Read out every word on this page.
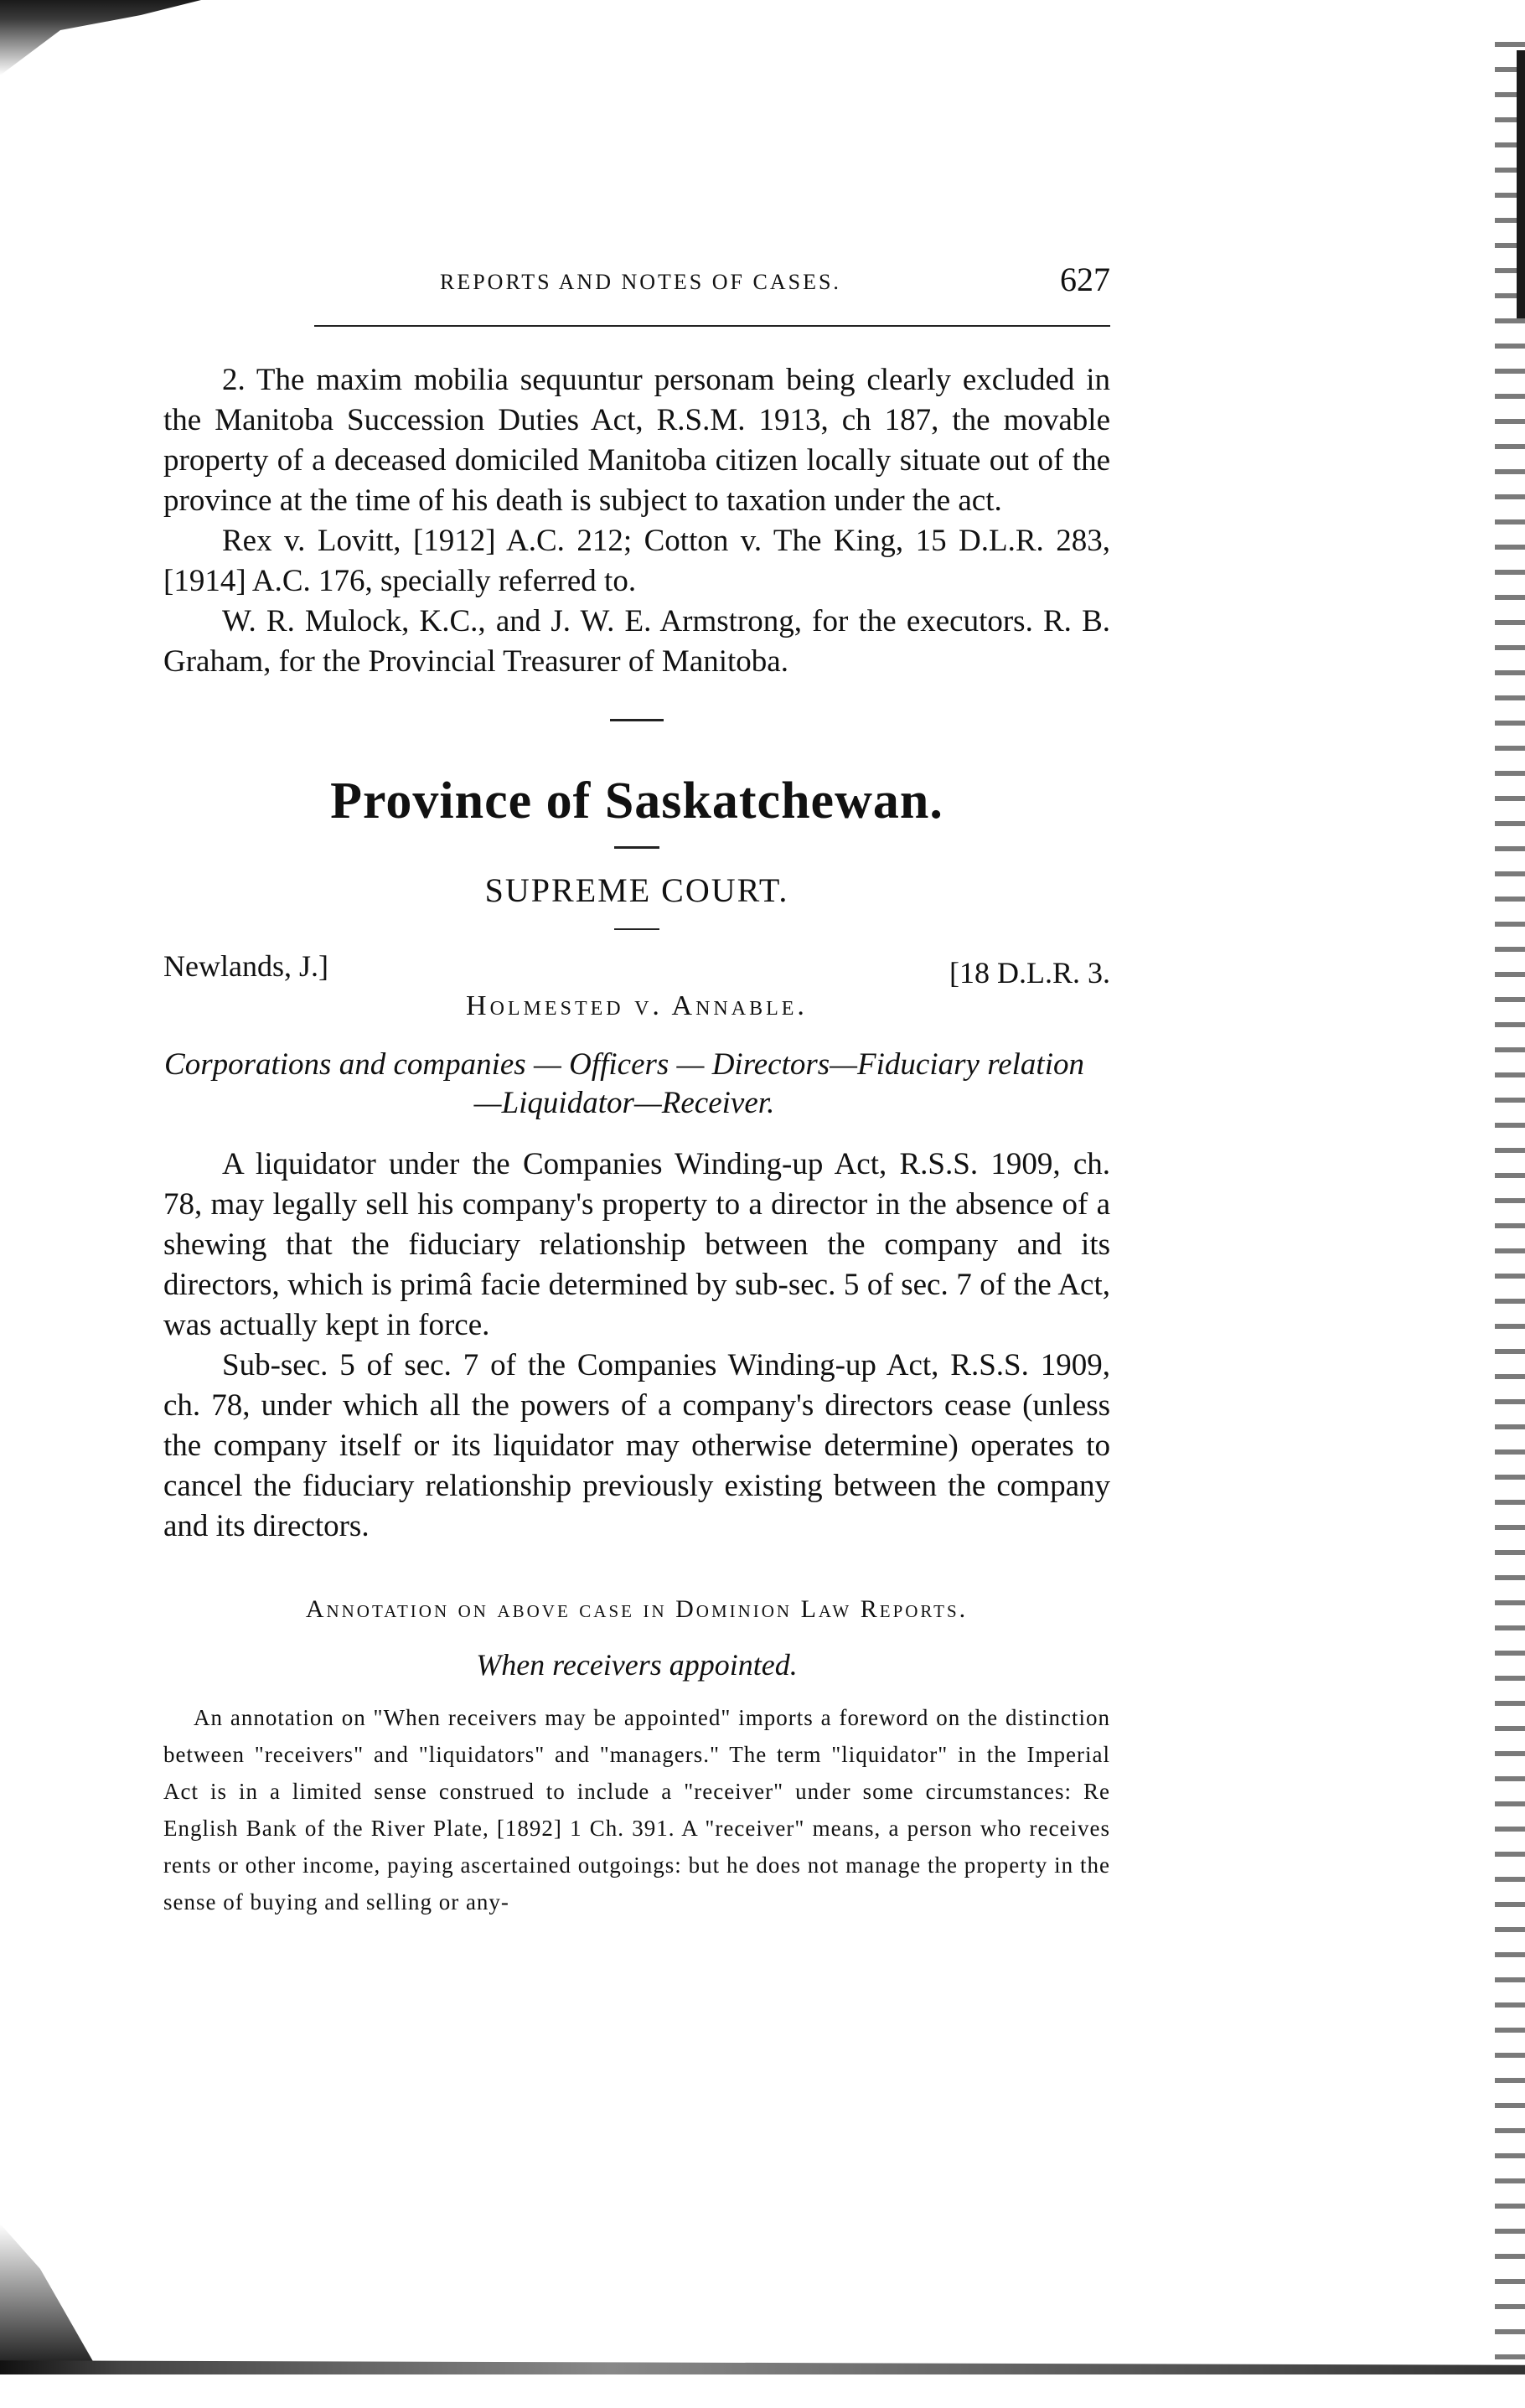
REPORTS AND NOTES OF CASES.	627

2. The maxim mobilia sequuntur personam being clearly excluded in the Manitoba Succession Duties Act, R.S.M. 1913, ch 187, the movable property of a deceased domiciled Manitoba citizen locally situate out of the province at the time of his death is subject to taxation under the act.

Rex v. Lovitt, [1912] A.C. 212; Cotton v. The King, 15 D.L.R. 283, [1914] A.C. 176, specially referred to.

W. R. Mulock, K.C., and J. W. E. Armstrong, for the executors. R. B. Graham, for the Provincial Treasurer of Manitoba.

Province of Saskatchewan.
SUPREME COURT.
Newlands, J.]	[18 D.L.R. 3.
Holmested v. Annable.
Corporations and companies — Officers — Directors—Fiduciary relation—Liquidator—Receiver.

A liquidator under the Companies Winding-up Act, R.S.S. 1909, ch. 78, may legally sell his company's property to a director in the absence of a shewing that the fiduciary relationship between the company and its directors, which is primâ facie determined by sub-sec. 5 of sec. 7 of the Act, was actually kept in force.

Sub-sec. 5 of sec. 7 of the Companies Winding-up Act, R.S.S. 1909, ch. 78, under which all the powers of a company's directors cease (unless the company itself or its liquidator may otherwise determine) operates to cancel the fiduciary relationship previously existing between the company and its directors.

Annotation on above case in Dominion Law Reports.
When receivers appointed.

An annotation on "When receivers may be appointed" imports a foreword on the distinction between "receivers" and "liquidators" and "managers." The term "liquidator" in the Imperial Act is in a limited sense construed to include a "receiver" under some circumstances: Re English Bank of the River Plate, [1892] 1 Ch. 391. A "receiver" means, a person who receives rents or other income, paying ascertained outgoings: but he does not manage the property in the sense of buying and selling or any-
